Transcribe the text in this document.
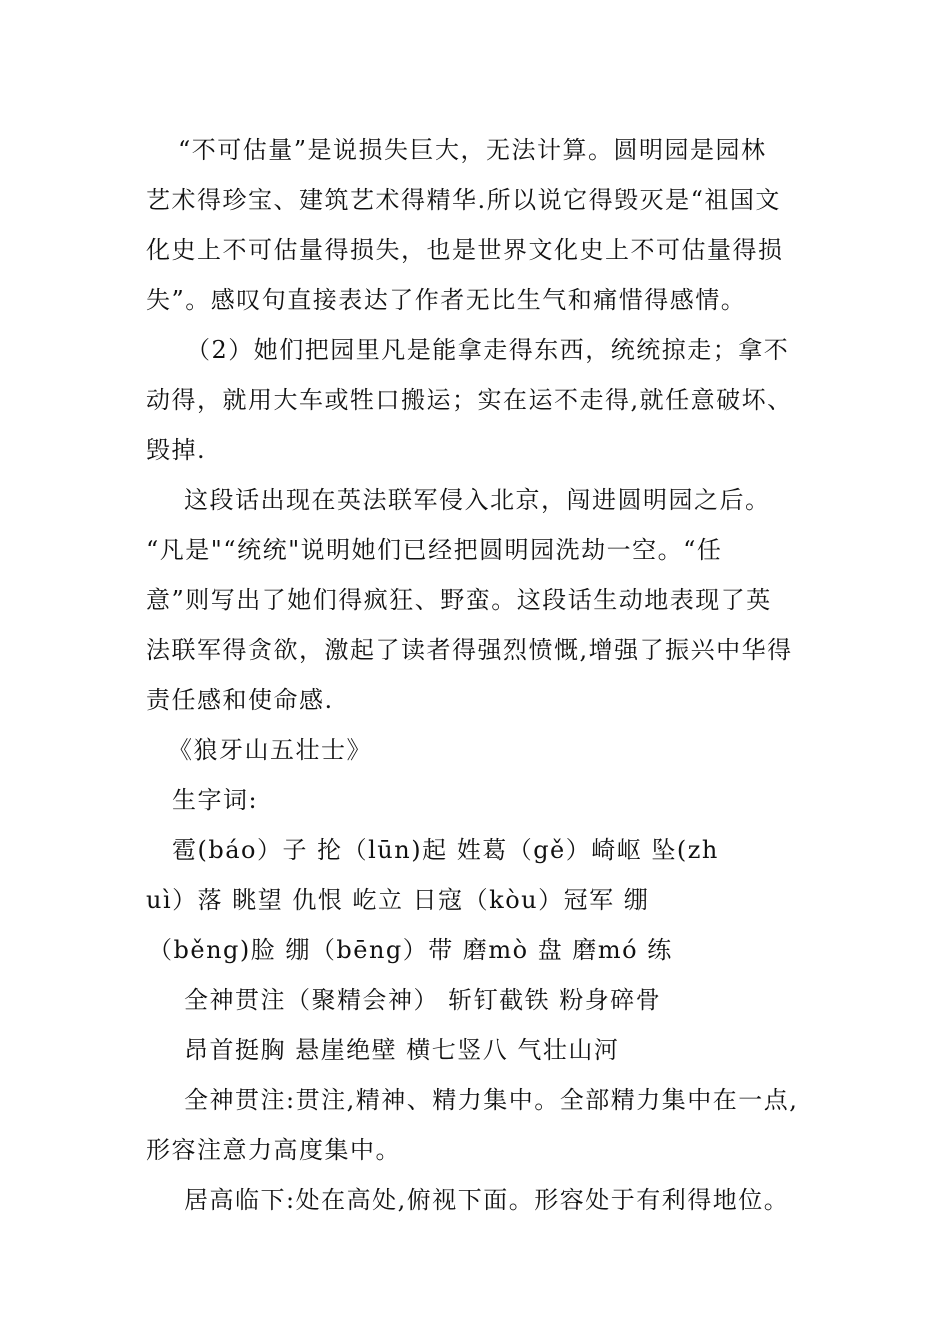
“不可估量”是说损失巨大，无法计算。圆明园是园林
艺术得珍宝、建筑艺术得精华.所以说它得毁灭是“祖国文
化史上不可估量得损失，也是世界文化史上不可估量得损
失”。感叹句直接表达了作者无比生气和痛惜得感情。
（2）她们把园里凡是能拿走得东西，统统掠走；拿不
动得，就用大车或牲口搬运；实在运不走得,就任意破坏、
毁掉.
这段话出现在英法联军侵入北京，闯进圆明园之后。
“凡是"“统统"说明她们已经把圆明园洗劫一空。“任
意”则写出了她们得疯狂、野蛮。这段话生动地表现了英
法联军得贪欲，激起了读者得强烈愤慨,增强了振兴中华得
责任感和使命感.
《狼牙山五壮士》
生字词:
雹(báo）子 抡（lūn)起 姓葛（gě）崎岖 坠(zh
uì）落 眺望 仇恨 屹立 日寇（kòu）冠军 绷
（běng)脸 绷（bēng）带 磨mò 盘 磨mó 练
全神贯注（聚精会神） 斩钉截铁 粉身碎骨
昂首挺胸 悬崖绝壁 横七竖八 气壮山河
全神贯注:贯注,精神、精力集中。全部精力集中在一点,
形容注意力高度集中。
居高临下:处在高处,俯视下面。形容处于有利得地位。
